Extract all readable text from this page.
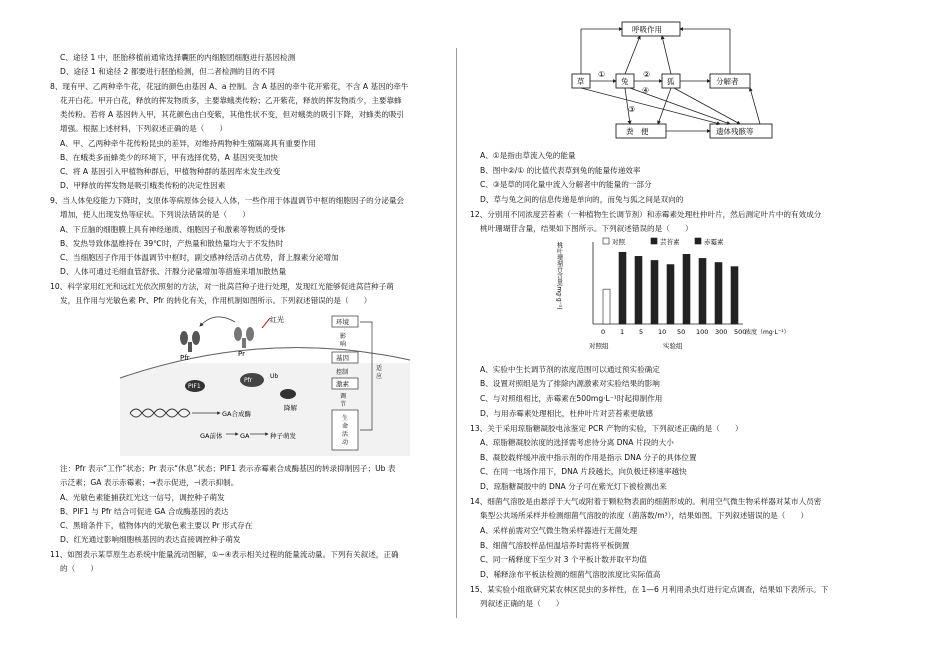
C、途径 1 中，胚胎移植前通常选择囊胚的内细胞团细胞进行基因检测
D、途径 1 和途径 2 都要进行胚胎检测，但二者检测的目的不同
8、现有甲、乙两种牵牛花，花冠的颜色由基因 A、a 控制。含 A 基因的牵牛花开紫花，不含 A 基因的牵牛
花开白花。甲开白花，释放的挥发物质多，主要靠蛾类传粉；乙开紫花，释放的挥发物质少，主要靠蜂
类传粉。若将 A 基因转入甲，其花颜色由白变紫，其他性状不变，但对蛾类的吸引下降，对蜂类的吸引
增强。根据上述材料，下列叙述正确的是（　　）
A、甲、乙两种牵牛花传粉昆虫的差异，对维持两物种生殖隔离具有重要作用
B、在蛾类多而蜂类少的环境下，甲有选择优势，A 基因突变加快
C、将 A 基因引入甲植物种群后，甲植物种群的基因库未发生改变
D、甲释放的挥发物是吸引蛾类传粉的决定性因素
9、当人体免疫能力下降时，支原体等病原体会侵入人体，一些作用于体温调节中枢的细胞因子的分泌量会
增加，使人出现发热等症状。下列说法错误的是（　　）
A、下丘脑的细胞膜上具有神经递质、细胞因子和激素等物质的受体
B、发热导致体温维持在 39℃时，产热量和散热量均大于不发热时
C、当细胞因子作用于体温调节中枢时，副交感神经活动占优势，肾上腺素分泌增加
D、人体可通过毛细血管舒张、汗腺分泌量增加等措施来增加散热量
10、科学家用红光和远红光依次照射的方法，对一批莴苣种子进行处理，发现红光能够促进莴苣种子萌
发，且作用与光敏色素 Pr、Pfr 的转化有关，作用机制如图所示。下列叙述错误的是（　　）
注：Pfr 表示“工作”状态；Pr 表示“休息”状态；PIF1 表示赤霉素合成酶基因的转录抑制因子；Ub 表
示泛素；GA 表示赤霉素；→表示促进，⊣表示抑制。
A、光敏色素能捕获红光这一信号，调控种子萌发
B、PIF1 与 Pfr 结合可促进 GA 合成酶基因的表达
C、黑暗条件下，植物体内的光敏色素主要以 Pr 形式存在
D、红光通过影响细胞核基因的表达直接调控种子萌发
11、如图表示某草原生态系统中能量流动图解，①~④表示相关过程的能量流动量。下列有关叙述，正确
的（　　）
A、①是指由草流入兔的能量
B、图中②/① 的比值代表草到兔的能量传递效率
C、③是草的同化量中流入分解者中的能量的一部分
D、草与兔之间的信息传递是单向的，而兔与狐之间是双向的
12、分别用不同浓度芸苔素（一种植物生长调节剂）和赤霉素处理杜仲叶片，然后测定叶片中的有效成分
桃叶珊瑚苷含量，结果如下图所示。下列叙述错误的是（　　）
A、实验中生长调节剂的浓度范围可以通过预实验确定
B、设置对照组是为了排除内源激素对实验结果的影响
C、与对照组相比，赤霉素在500mg·L⁻¹时起抑制作用
D、与用赤霉素处理相比，杜仲叶片对芸苔素更敏感
13、关于采用琼脂糖凝胶电泳鉴定 PCR 产物的实验，下列叙述正确的是（　　）
A、琼脂糖凝胶浓度的选择需考虑待分离 DNA 片段的大小
B、凝胶载样缓冲液中指示剂的作用是指示 DNA 分子的具体位置
C、在同一电场作用下，DNA 片段越长，向负极迁移速率越快
D、琼脂糖凝胶中的 DNA 分子可在紫光灯下被检测出来
14、细菌气溶胶是由悬浮于大气或附着于颗粒物表面的细菌形成的。利用空气微生物采样器对某市人员密
集型公共场所采样并检测细菌气溶胶的浓度（菌落数/m³），结果如图。下列叙述错误的是（　　）
A、采样前需对空气微生物采样器进行无菌处理
B、细菌气溶胶样品恒温培养时需将平板倒置
C、同一稀释度下至少对 3 个平板计数并取平均值
D、稀释涂布平板法检测的细菌气溶胶浓度比实际值高
15、某实验小组欲研究某农林区昆虫的多样性，在 1—6 月利用杀虫灯进行定点调查，结果如下表所示。下
列叙述正确的是（　　）
Pfr	Pr
红光	环境
影
响
基因
控制
激素
调
节
生
命
活
动
适
应
PIF1
Pfr
Ub
降解
GA合成酶
GA前体	GA	种子萌发
呼吸作用
草	兔	狐	分解者
粪　便	遗体残骸等
①	②
③
④
桃叶珊瑚苷含量(mg·g⁻¹)	对照	芸苔素	赤霉素
0 1 5 10 50 100 300 500
浓度（mg·L⁻¹）
对照组	实验组
